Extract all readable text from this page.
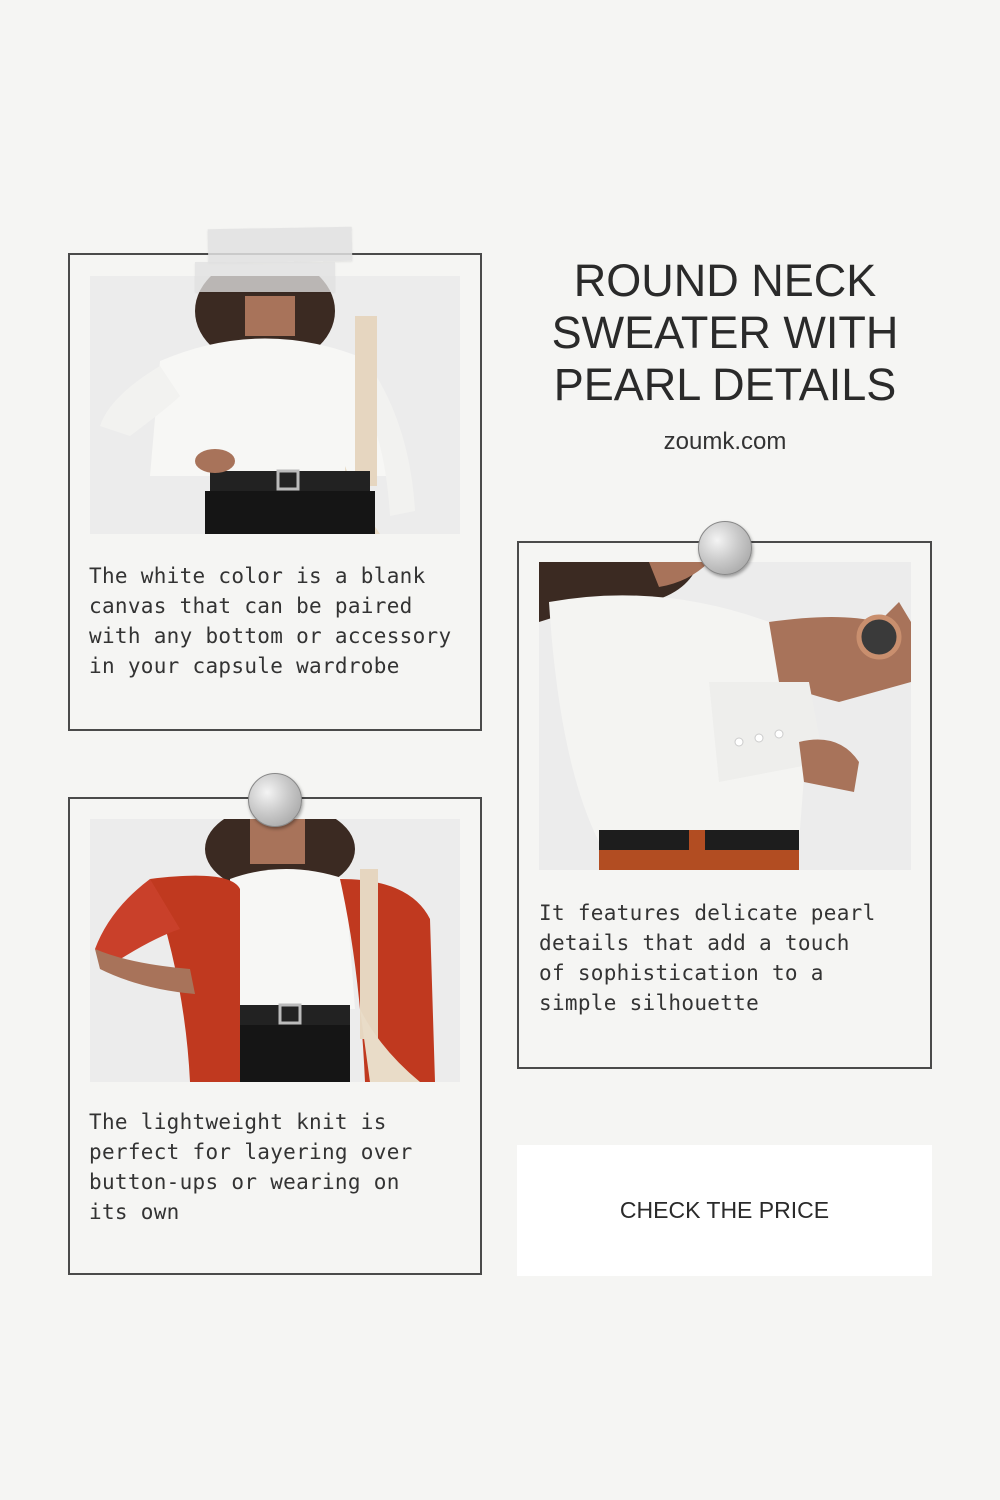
ROUND NECK
SWEATER WITH
PEARL DETAILS
zoumk.com
The white color is a blank
canvas that can be paired
with any bottom or accessory
in your capsule wardrobe
It features delicate pearl
details that add a touch
of sophistication to a
simple silhouette
The lightweight knit is
perfect for layering over
button-ups or wearing on
its own	CHECK THE PRICE
